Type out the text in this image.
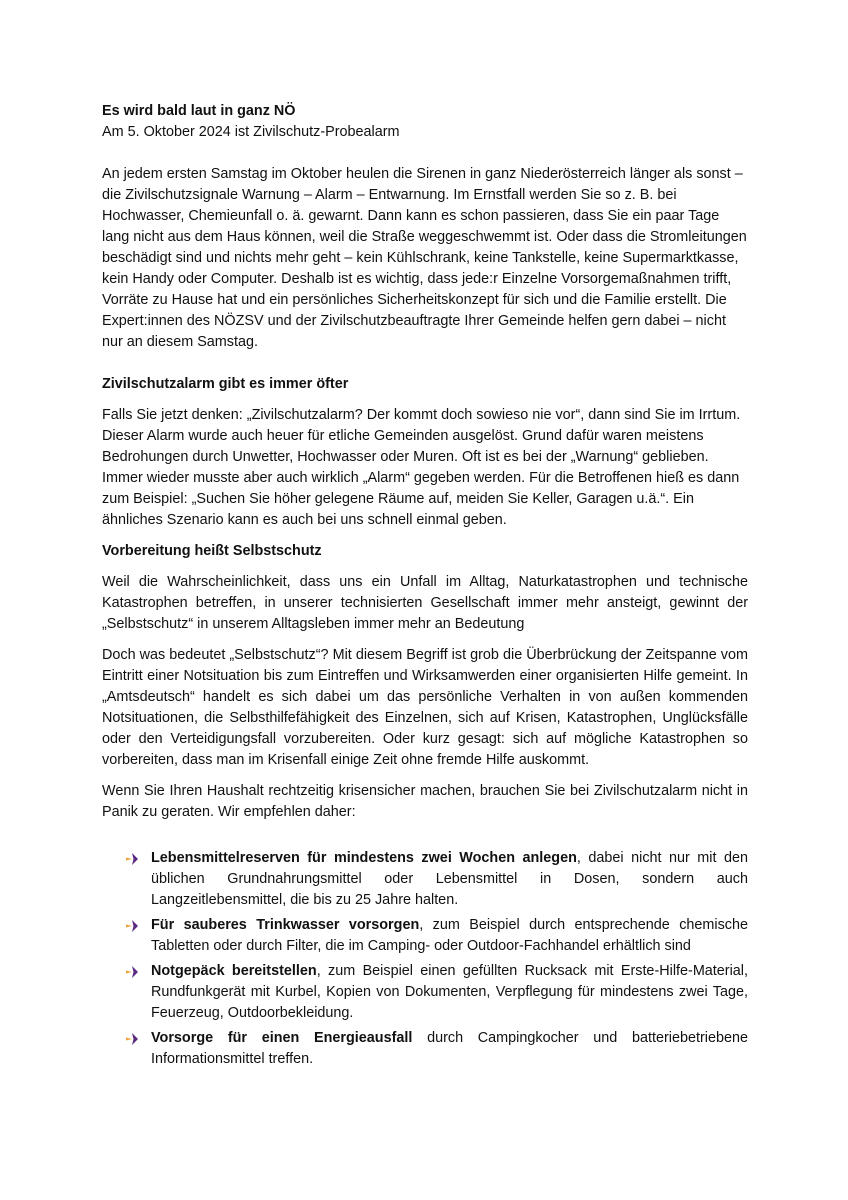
Es wird bald laut in ganz NÖ

Am 5. Oktober 2024 ist Zivilschutz-Probealarm

An jedem ersten Samstag im Oktober heulen die Sirenen in ganz Niederösterreich länger als sonst – die Zivilschutzsignale Warnung – Alarm – Entwarnung. Im Ernstfall werden Sie so z. B. bei Hochwasser, Chemieunfall o. ä. gewarnt. Dann kann es schon passieren, dass Sie ein paar Tage lang nicht aus dem Haus können, weil die Straße weggeschwemmt ist. Oder dass die Stromleitungen beschädigt sind und nichts mehr geht – kein Kühlschrank, keine Tankstelle, keine Supermarktkasse, kein Handy oder Computer. Deshalb ist es wichtig, dass jede:r Einzelne Vorsorgemaßnahmen trifft, Vorräte zu Hause hat und ein persönliches Sicherheitskonzept für sich und die Familie erstellt. Die Expert:innen des NÖZSV und der Zivilschutzbeauftragte Ihrer Gemeinde helfen gern dabei – nicht nur an diesem Samstag.

Zivilschutzalarm gibt es immer öfter

Falls Sie jetzt denken: „Zivilschutzalarm? Der kommt doch sowieso nie vor“, dann sind Sie im Irrtum. Dieser Alarm wurde auch heuer für etliche Gemeinden ausgelöst. Grund dafür waren meistens Bedrohungen durch Unwetter, Hochwasser oder Muren. Oft ist es bei der „Warnung“ geblieben. Immer wieder musste aber auch wirklich „Alarm“ gegeben werden. Für die Betroffenen hieß es dann zum Beispiel: „Suchen Sie höher gelegene Räume auf, meiden Sie Keller, Garagen u.ä.“. Ein ähnliches Szenario kann es auch bei uns schnell einmal geben.

Vorbereitung heißt Selbstschutz

Weil die Wahrscheinlichkeit, dass uns ein Unfall im Alltag, Naturkatastrophen und technische Katastrophen betreffen, in unserer technisierten Gesellschaft immer mehr ansteigt, gewinnt der „Selbstschutz“ in unserem Alltagsleben immer mehr an Bedeutung

Doch was bedeutet „Selbstschutz“? Mit diesem Begriff ist grob die Überbrückung der Zeitspanne vom Eintritt einer Notsituation bis zum Eintreffen und Wirksamwerden einer organisierten Hilfe gemeint. In „Amtsdeutsch“ handelt es sich dabei um das persönliche Verhalten in von außen kommenden Notsituationen, die Selbsthilfefähigkeit des Einzelnen, sich auf Krisen, Katastrophen, Unglücksfälle oder den Verteidigungsfall vorzubereiten. Oder kurz gesagt: sich auf mögliche Katastrophen so vorbereiten, dass man im Krisenfall einige Zeit ohne fremde Hilfe auskommt.

Wenn Sie Ihren Haushalt rechtzeitig krisensicher machen, brauchen Sie bei Zivilschutzalarm nicht in Panik zu geraten. Wir empfehlen daher:

Lebensmittelreserven für mindestens zwei Wochen anlegen, dabei nicht nur mit den üblichen Grundnahrungsmittel oder Lebensmittel in Dosen, sondern auch Langzeitlebensmittel, die bis zu 25 Jahre halten.
Für sauberes Trinkwasser vorsorgen, zum Beispiel durch entsprechende chemische Tabletten oder durch Filter, die im Camping- oder Outdoor-Fachhandel erhältlich sind
Notgepäck bereitstellen, zum Beispiel einen gefüllten Rucksack mit Erste-Hilfe-Material, Rundfunkgerät mit Kurbel, Kopien von Dokumenten, Verpflegung für mindestens zwei Tage, Feuerzeug, Outdoorbekleidung.
Vorsorge für einen Energieausfall durch Campingkocher und batteriebetriebene Informationsmittel treffen.
